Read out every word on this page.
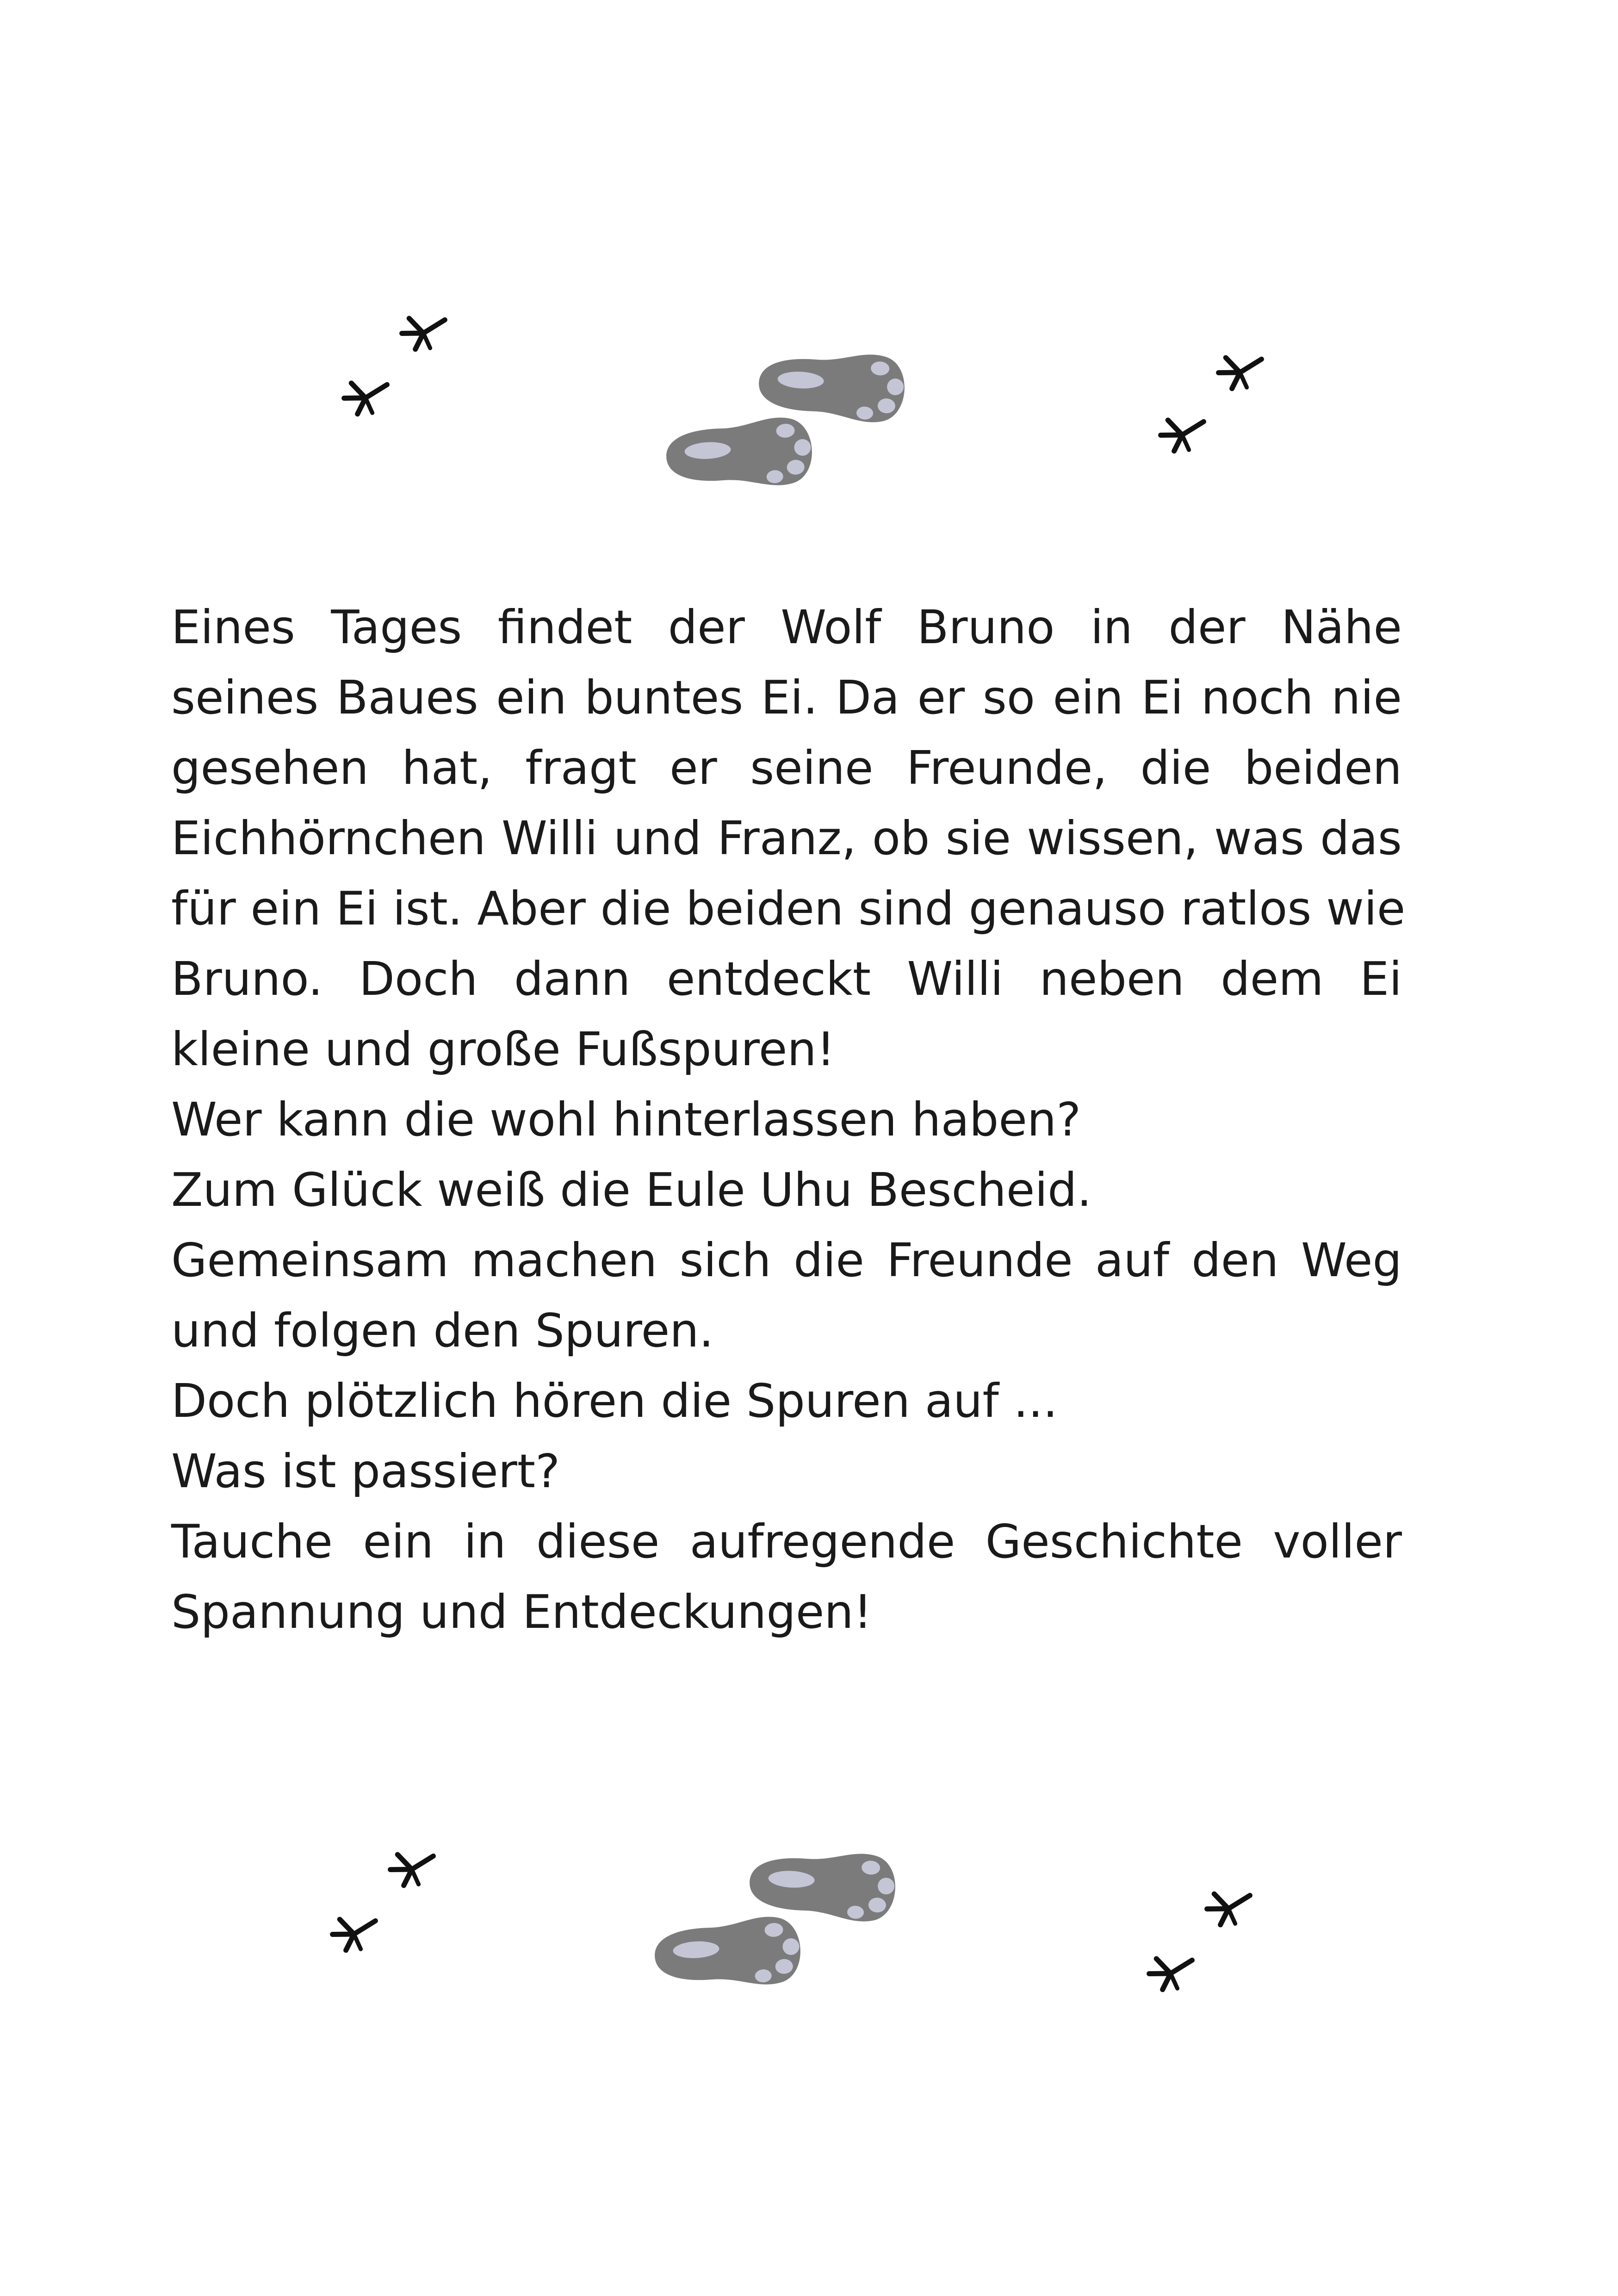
Eines Tages findet der Wolf Bruno in der Nähe
seines Baues ein buntes Ei. Da er so ein Ei noch nie
gesehen hat, fragt er seine Freunde, die beiden
Eichhörnchen Willi und Franz, ob sie wissen, was das
für ein Ei ist. Aber die beiden sind genauso ratlos wie
Bruno. Doch dann entdeckt Willi neben dem Ei
kleine und große Fußspuren!
Wer kann die wohl hinterlassen haben?
Zum Glück weiß die Eule Uhu Bescheid.
Gemeinsam machen sich die Freunde auf den Weg
und folgen den Spuren.
Doch plötzlich hören die Spuren auf ...
Was ist passiert?
Tauche ein in diese aufregende Geschichte voller
Spannung und Entdeckungen!
